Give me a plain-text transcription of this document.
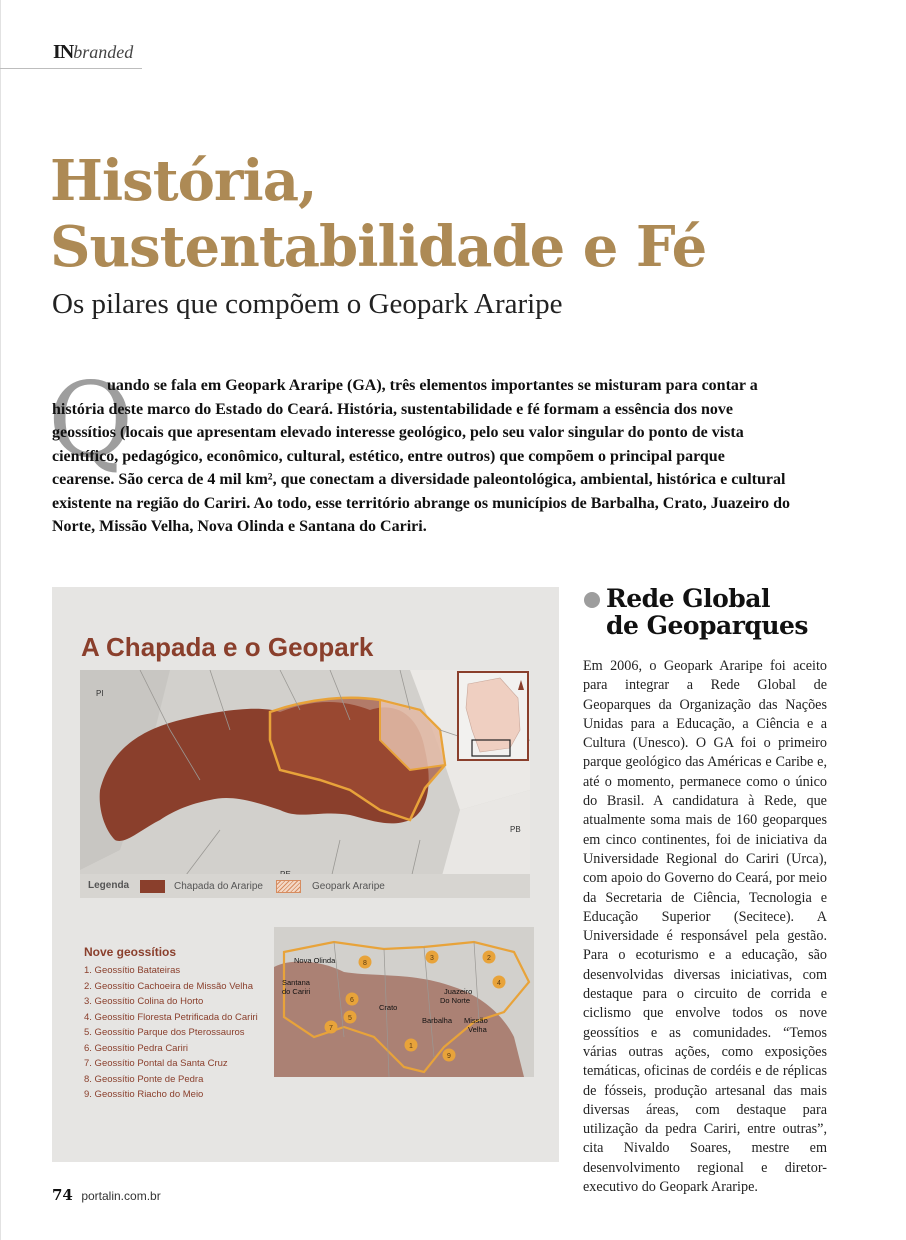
INbranded
História,
Sustentabilidade e Fé

Os pilares que compõem o Geopark Araripe

Q

uando se fala em Geopark Araripe (GA), três elementos importantes se misturam para contar a história deste marco do Estado do Ceará. História, sustentabilidade e fé formam a essência dos nove geossítios (locais que apresentam elevado interesse geológico, pelo seu valor singular do ponto de vista científico, pedagógico, econômico, cultural, estético, entre outros) que compõem o principal parque cearense. São cerca de 4 mil km², que conectam a diversidade paleontológica, ambiental, histórica e cultural existente na região do Cariri. Ao todo, esse território abrange os municípios de Barbalha, Crato, Juazeiro do Norte, Missão Velha, Nova Olinda e Santana do Cariri.

A Chapada e o Geopark
PI
PB
Legenda	Chapada do Araripe	Geopark Araripe

Nove geossítios

1. Geossítio Batateiras
2. Geossítio Cachoeira de Missão Velha
3. Geossítio Colina do Horto
4. Geossítio Floresta Petrificada do Cariri
5. Geossítio Parque dos Pterossauros
6. Geossítio Pedra Cariri
7. Geossítio Pontal da Santa Cruz
8. Geossítio Ponte de Pedra
9. Geossítio Riacho do Meio
Nova Olinda
Santana
do Cariri
Crato
Juazeiro
Do Norte
Barbalha Missão
Velha
1
2
3
4
5
6
7
8
9
Rede Global
de Geoparques

Em 2006, o Geopark Araripe foi aceito para integrar a Rede Global de Geoparques da Organização das Nações Unidas para a Educação, a Ciência e a Cultura (Unesco). O GA foi o primeiro parque geológico das Américas e Caribe e, até o momento, permanece como o único do Brasil. A candidatura à Rede, que atualmente soma mais de 160 geoparques em cinco continentes, foi de iniciativa da Universidade Regional do Cariri (Urca), com apoio do Governo do Ceará, por meio da Secretaria de Ciência, Tecnologia e Educação Superior (Secitece). A Universidade é responsável pela gestão. Para o ecoturismo e a educação, são desenvolvidas diversas iniciativas, com destaque para o circuito de corrida e ciclismo que envolve todos os nove geossítios e as comunidades. “Temos várias outras ações, como exposições temáticas, oficinas de cordéis e de réplicas de fósseis, produção artesanal das mais diversas áreas, com destaque para utilização da pedra Cariri, entre outras”, cita Nivaldo Soares, mestre em desenvolvimento regional e diretor-executivo do Geopark Araripe.

74 portalin.com.br
